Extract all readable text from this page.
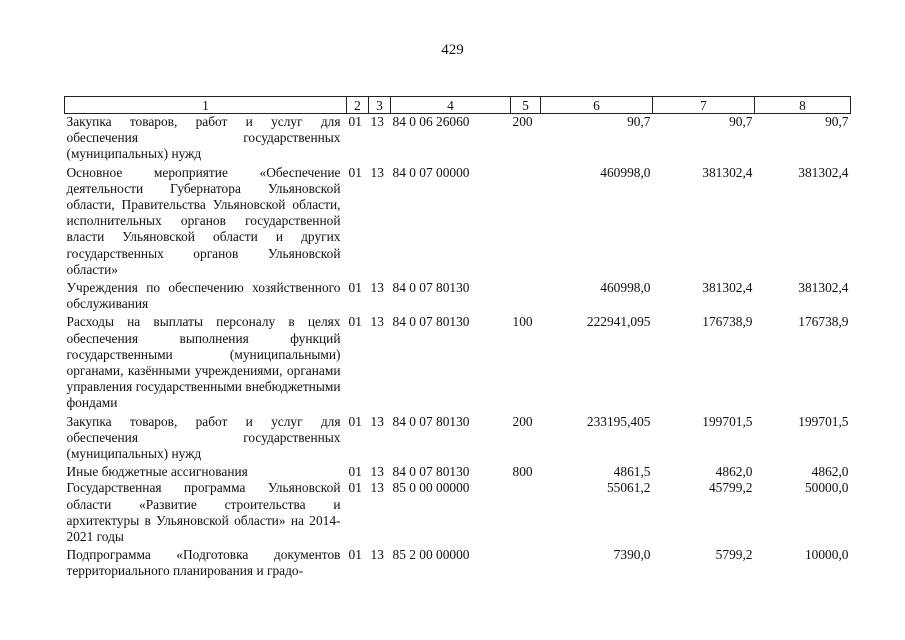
429
1	2	3	4	5	6	7	8
Закупка товаров, работ и услуг для обеспечения государственных (муниципальных) нужд	01	13	84 0 06 26060	200	90,7	90,7	90,7
Основное мероприятие «Обеспечение деятельности Губернатора Ульяновской области, Правительства Ульяновской области, исполнительных органов государственной власти Ульяновской области и других государственных органов Ульяновской области»	01	13	84 0 07 00000		460998,0	381302,4	381302,4
Учреждения по обеспечению хозяйственного обслуживания	01	13	84 0 07 80130		460998,0	381302,4	381302,4
Расходы на выплаты персоналу в целях обеспечения выполнения функций государственными (муниципальными) органами, казёнными учреждениями, органами управления государственными внебюджетными фондами	01	13	84 0 07 80130	100	222941,095	176738,9	176738,9
Закупка товаров, работ и услуг для обеспечения государственных (муниципальных) нужд	01	13	84 0 07 80130	200	233195,405	199701,5	199701,5
Иные бюджетные ассигнования	01	13	84 0 07 80130	800	4861,5	4862,0	4862,0
Государственная программа Ульяновской области «Развитие строительства и архитектуры в Ульяновской области» на 2014-2021 годы	01	13	85 0 00 00000		55061,2	45799,2	50000,0
Подпрограмма «Подготовка документов территориального планирования и градо-	01	13	85 2 00 00000		7390,0	5799,2	10000,0
